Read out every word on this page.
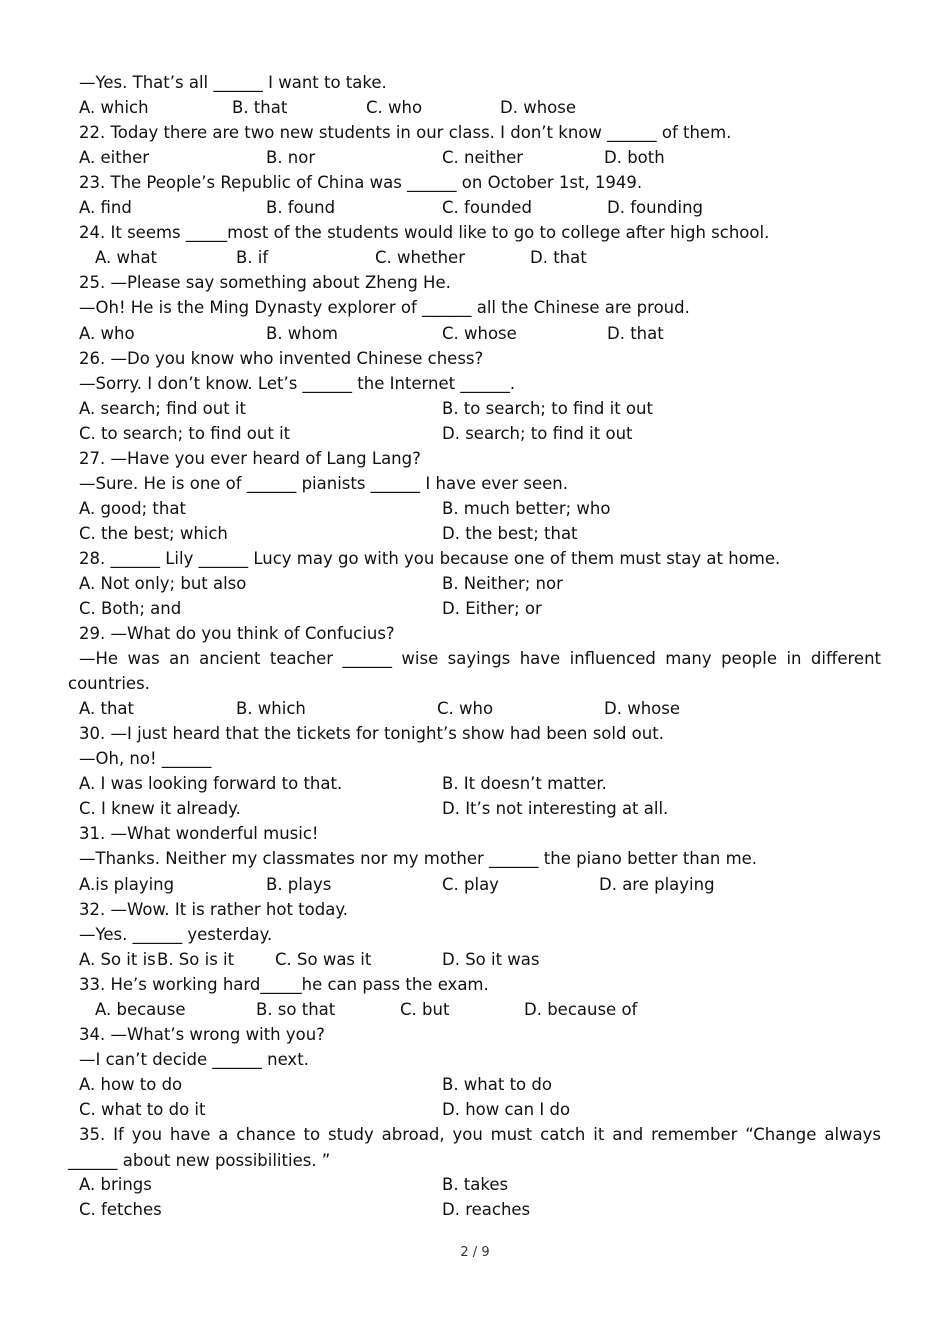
—Yes. That’s all ______ I want to take.
A. which	B. that	C. who	D. whose
22. Today there are two new students in our class. I don’t know ______ of them.
A. either	B. nor	C. neither	D. both
23. The People’s Republic of China was ______ on October 1st, 1949.
A. find	B. found	C. founded	D. founding
24. It seems _____most of the students would like to go to college after high school.
A. what	B. if	C. whether	D. that
25. —Please say something about Zheng He.
—Oh! He is the Ming Dynasty explorer of ______ all the Chinese are proud.
A. who	B. whom	C. whose	D. that
26. —Do you know who invented Chinese chess?
—Sorry. I don’t know. Let’s ______ the Internet ______.
A. search; find out it	B. to search; to find it out
C. to search; to find out it	D. search; to find it out
27. —Have you ever heard of Lang Lang?
—Sure. He is one of ______ pianists ______ I have ever seen.
A. good; that	B. much better; who
C. the best; which	D. the best; that
28. ______ Lily ______ Lucy may go with you because one of them must stay at home.
A. Not only; but also	B. Neither; nor
C. Both; and	D. Either; or
29. —What do you think of Confucius?
—He was an ancient teacher ______ wise sayings have influenced many people in different
countries.
A. that	B. which	C. who	D. whose
30. —I just heard that the tickets for tonight’s show had been sold out.
—Oh, no! ______
A. I was looking forward to that.	B. It doesn’t matter.
C. I knew it already.	D. It’s not interesting at all.
31. —What wonderful music!
—Thanks. Neither my classmates nor my mother ______ the piano better than me.
A.is playing	B. plays	C. play	D. are playing
32. —Wow. It is rather hot today.
—Yes. ______ yesterday.
A. So it is B. So is it C. So was it	D. So it was
33. He’s working hard_____he can pass the exam.
A. because	B. so that	C. but	D. because of
34. —What’s wrong with you?
—I can’t decide ______ next.
A. how to do	B. what to do
C. what to do it	D. how can I do
35. If you have a chance to study abroad, you must catch it and remember “Change always
______ about new possibilities. ”
A. brings	B. takes
C. fetches	D. reaches
2 / 9
